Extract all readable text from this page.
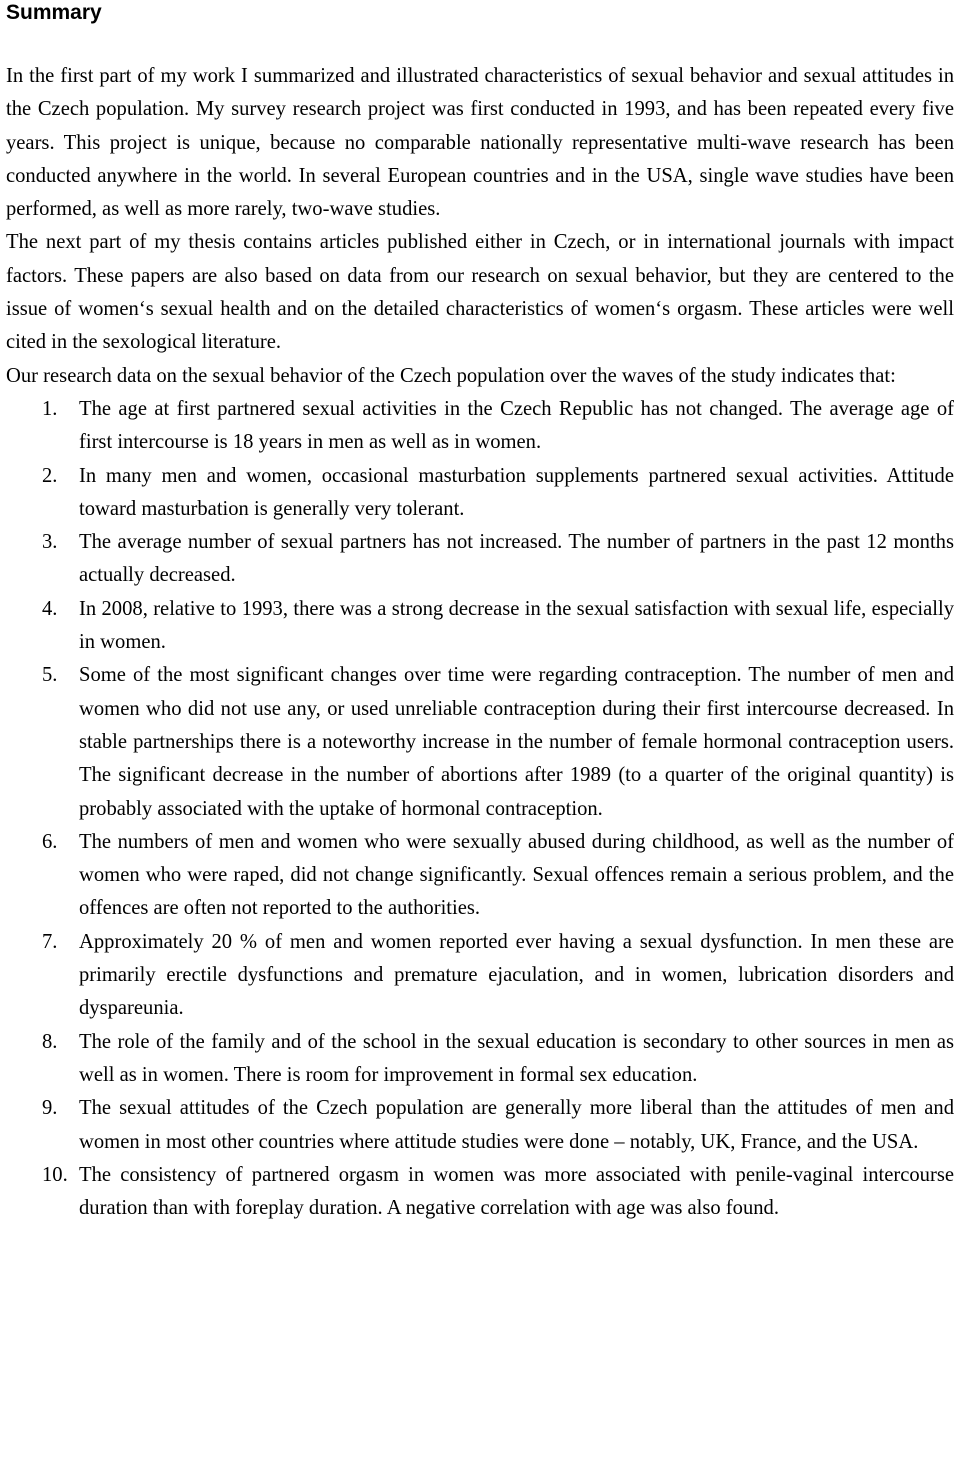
Summary

In the first part of my work I summarized and illustrated characteristics of sexual behavior and sexual attitudes in the Czech population. My survey research project was first conducted in 1993, and has been repeated every five years. This project is unique, because no comparable nationally representative multi-wave research has been conducted anywhere in the world. In several European countries and in the USA, single wave studies have been performed, as well as more rarely, two-wave studies.

The next part of my thesis contains articles published either in Czech, or in international journals with impact factors. These papers are also based on data from our research on sexual behavior, but they are centered to the issue of women‘s sexual health and on the detailed characteristics of women‘s orgasm. These articles were well cited in the sexological literature.

Our research data on the sexual behavior of the Czech population over the waves of the study indicates that:

1. The age at first partnered sexual activities in the Czech Republic has not changed. The average age of first intercourse is 18 years in men as well as in women.
2. In many men and women, occasional masturbation supplements partnered sexual activities. Attitude toward masturbation is generally very tolerant.
3. The average number of sexual partners has not increased. The number of partners in the past 12 months actually decreased.
4. In 2008, relative to 1993, there was a strong decrease in the sexual satisfaction with sexual life, especially in women.
5. Some of the most significant changes over time were regarding contraception. The number of men and women who did not use any, or used unreliable contraception during their first intercourse decreased. In stable partnerships there is a noteworthy increase in the number of female hormonal contraception users. The significant decrease in the number of abortions after 1989 (to a quarter of the original quantity) is probably associated with the uptake of hormonal contraception.
6. The numbers of men and women who were sexually abused during childhood, as well as the number of women who were raped, did not change significantly. Sexual offences remain a serious problem, and the offences are often not reported to the authorities.
7. Approximately 20 % of men and women reported ever having a sexual dysfunction. In men these are primarily erectile dysfunctions and premature ejaculation, and in women, lubrication disorders and dyspareunia.
8. The role of the family and of the school in the sexual education is secondary to other sources in men as well as in women. There is room for improvement in formal sex education.
9. The sexual attitudes of the Czech population are generally more liberal than the attitudes of men and women in most other countries where attitude studies were done – notably, UK, France, and the USA.
10. The consistency of partnered orgasm in women was more associated with penile-vaginal intercourse duration than with foreplay duration. A negative correlation with age was also found.
